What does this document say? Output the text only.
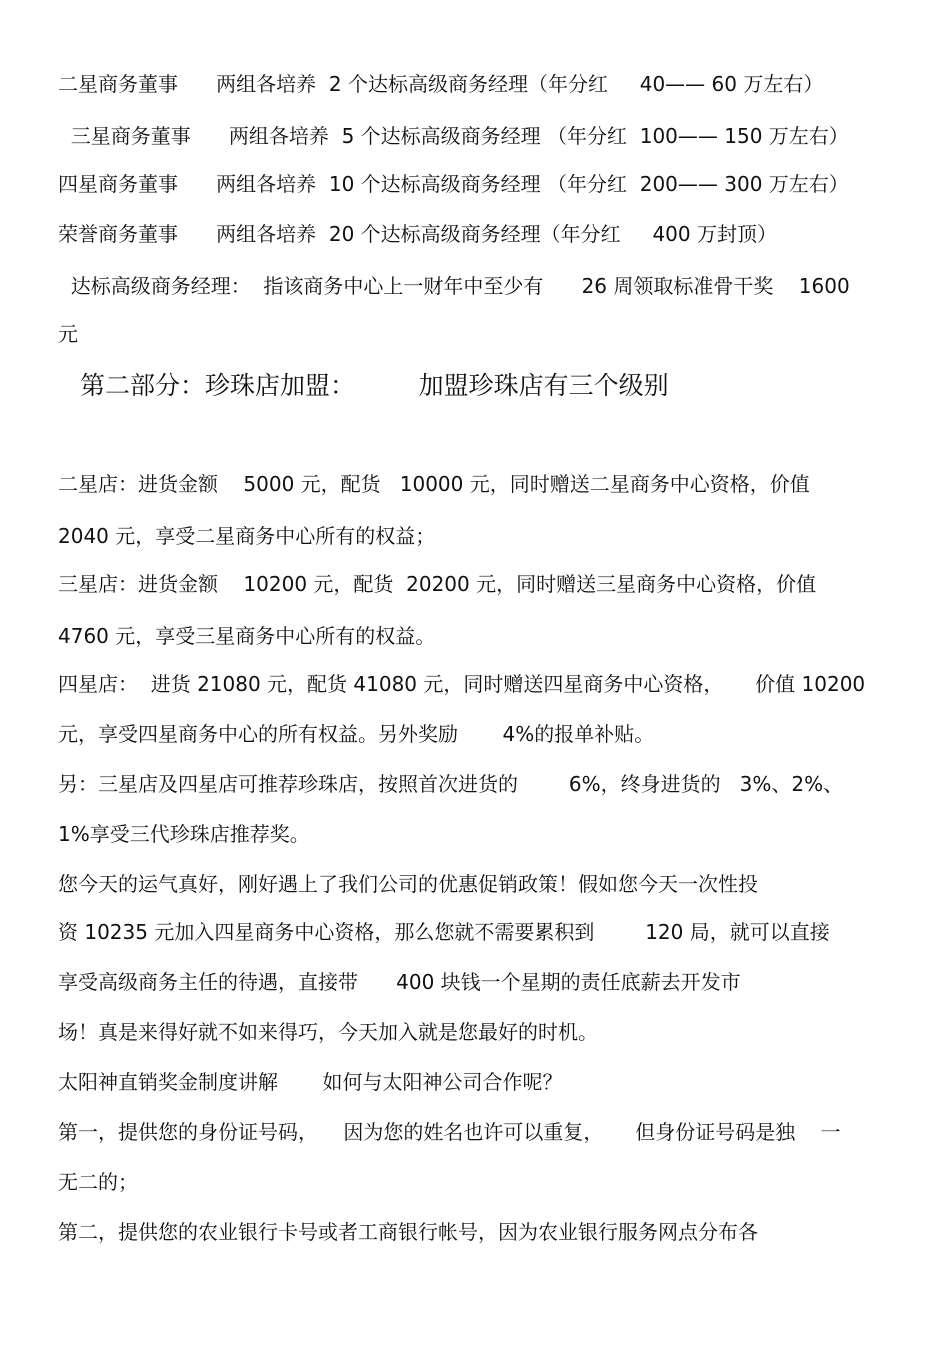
二星商务董事      两组各培养  2 个达标高级商务经理（年分红     40—— 60 万左右）
三星商务董事      两组各培养  5 个达标高级商务经理 （年分红  100—— 150 万左右）
四星商务董事      两组各培养  10 个达标高级商务经理 （年分红  200—— 300 万左右）
荣誉商务董事      两组各培养  20 个达标高级商务经理（年分红     400 万封顶）
达标高级商务经理：  指该商务中心上一财年中至少有      26 周领取标准骨干奖    1600
元
第二部分：珍珠店加盟：        加盟珍珠店有三个级别
二星店：进货金额    5000 元，配货   10000 元，同时赠送二星商务中心资格，价值
2040 元，享受二星商务中心所有的权益；
三星店：进货金额    10200 元，配货  20200 元，同时赠送三星商务中心资格，价值
4760 元，享受三星商务中心所有的权益。
四星店：  进货 21080 元，配货 41080 元，同时赠送四星商务中心资格，     价值 10200
元，享受四星商务中心的所有权益。另外奖励       4%的报单补贴。
另：三星店及四星店可推荐珍珠店，按照首次进货的        6%，终身进货的   3%、2%、
1%享受三代珍珠店推荐奖。
您今天的运气真好，刚好遇上了我们公司的优惠促销政策！假如您今天一次性投
资 10235 元加入四星商务中心资格，那么您就不需要累积到        120 局，就可以直接
享受高级商务主任的待遇，直接带      400 块钱一个星期的责任底薪去开发市
场！真是来得好就不如来得巧，今天加入就是您最好的时机。
太阳神直销奖金制度讲解       如何与太阳神公司合作呢？
第一，提供您的身份证号码，    因为您的姓名也许可以重复，     但身份证号码是独    一
无二的；
第二，提供您的农业银行卡号或者工商银行帐号，因为农业银行服务网点分布各
